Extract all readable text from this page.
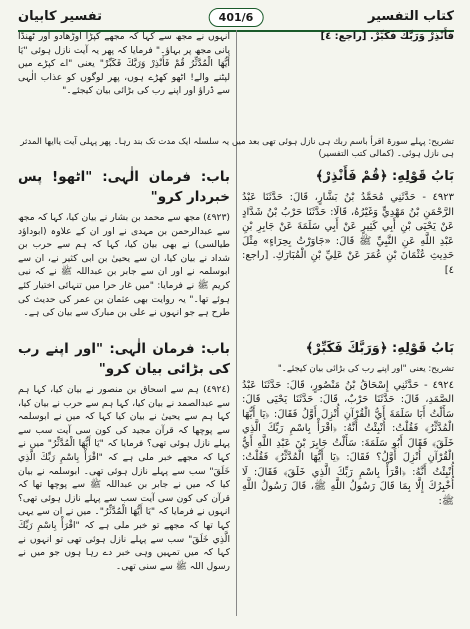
كتاب التفسير
401/6
تفسیر کابیان

فَأَنْذِرْ وَرَبَّكَ فَكَبِّرْ. [راجع: ٤]

انہوں نے مجھ سے کہا کہ مجھے کپڑا اوڑھادو اور ٹھنڈا پانی مجھ پر بہاؤ۔" فرمایا کہ پھر یہ آیت نازل ہوئی "يَا أَيُّهَا الْمُدَّثِّرُ قُمْ فَأَنْذِرْ وَرَبَّكَ فَكَبِّرْ" یعنی "اے کپڑے میں لپٹنے والے! اٹھو کھڑے ہوں، پھر لوگوں کو عذاب الٰہی سے ڈراؤ اور اپنے رب کی بڑائی بیان کیجئے۔"

تشریح: پہلے سورۃ اقرأ باسم ربك ہی نازل ہوئی تھی بعد میں یہ سلسلہ ایک مدت تک بند رہا۔ پھر پہلی آیت یاایھا المدثر ہی نازل ہوئی۔ (کمالی کتب التفسیر)
بَابُ قَوْلِهِ: ﴿قُمْ فَأَنْذِرْ﴾

٤٩٢٣ - حَدَّثَنِي مُحَمَّدُ بْنُ بَشَّارٍ، قَالَ: حَدَّثَنَا عَبْدُ الرَّحْمَنِ بْنُ مَهْدِيٍّ وَغَيْرُهُ، قَالَا: حَدَّثَنَا حَرْبُ بْنُ شَدَّادٍ عَنْ يَحْيَى بْنِ أَبِي كَثِيرٍ عَنْ أَبِي سَلَمَةَ عَنْ جَابِرِ بْنِ عَبْدِ اللَّهِ عَنِ النَّبِيِّ ﷺ قَالَ: «جَاوَرْتُ بِحِرَاءٍ» مِثْلَ حَدِيثِ عُثْمَانَ بْنِ عُمَرَ عَنْ عَلِيِّ بْنِ الْمُبَارَكِ. [راجع: ٤]

باب: فرمان الٰہی: "اٹھو! پس خبردار کرو"

(٤٩٢٣) مجھ سے محمد بن بشار نے بیان کیا، کہا کہ مجھ سے عبدالرحمن بن مہدی نے اور ان کے علاوہ (ابوداؤد طیالسی) نے بھی بیان کیا، کہا کہ ہم سے حرب بن شداد نے بیان کیا، ان سے یحییٰ بن ابی کثیر نے، ان سے ابوسلمہ نے اور ان سے جابر بن عبداللہ ﷺ نے کہ نبی کریم ﷺ نے فرمایا: "میں غار حرا میں تنہائی اختیار کئے ہوئے تھا۔" یہ روایت بھی عثمان بن عمر کی حدیث کی طرح ہے جو انہوں نے علی بن مبارک سے بیان کی ہے۔

بَابُ قَوْلِهِ: ﴿وَرَبَّكَ فَكَبِّرْ﴾

تشریح: یعنی "اور اپنے رب کی بڑائی بیان کیجئے۔"

٤٩٢٤ - حَدَّثَنِي إِسْحَاقُ بْنُ مَنْصُورٍ، قَالَ: حَدَّثَنَا عَبْدُ الصَّمَدِ، قَالَ: حَدَّثَنَا حَرْبٌ، قَالَ: حَدَّثَنَا يَحْيَى قَالَ: سَأَلْتُ أَبَا سَلَمَةَ أَيُّ الْقُرْآنِ أُنْزِلَ أَوَّلُ فَقَالَ: ﴿يَا أَيُّهَا الْمُدَّثِّرُ﴾ فَقُلْتُ: أُنْبِئْتُ أَنَّهُ: ﴿اقْرَأْ بِاسْمِ رَبِّكَ الَّذِي خَلَقَ﴾ فَقَالَ أَبُو سَلَمَةَ: سَأَلْتُ جَابِرَ بْنَ عَبْدِ اللَّهِ أَيُّ الْقُرْآنِ أُنْزِلَ أَوَّلُ؟ فَقَالَ: ﴿يَا أَيُّهَا الْمُدَّثِّرُ﴾ فَقُلْتُ: أُنْبِئْتُ أَنَّهُ: ﴿اقْرَأْ بِاسْمِ رَبِّكَ الَّذِي خَلَقَ﴾ فَقَالَ: لَا أُخْبِرُكَ إِلَّا بِمَا قَالَ رَسُولُ اللَّهِ ﷺ، قَالَ رَسُولُ اللَّهِ ﷺ:

باب: فرمان الٰہی: "اور اپنے رب کی بڑائی بیان کرو"

(٤٩٢٤) ہم سے اسحاق بن منصور نے بیان کیا، کہا ہم سے عبدالصمد نے بیان کیا، کہا ہم سے حرب نے بیان کیا، کہا ہم سے یحییٰ نے بیان کیا کہا کہ میں نے ابوسلمہ سے پوچھا کہ قرآن مجید کی کون سی آیت سب سے پہلے نازل ہوئی تھی؟ فرمایا کہ "يَا أَيُّهَا الْمُدَّثِّرُ" میں نے کہا کہ مجھے خبر ملی ہے کہ "اقْرَأْ بِاسْمِ رَبِّكَ الَّذِي خَلَقَ" سب سے پہلے نازل ہوئی تھی۔ ابوسلمہ نے بیان کیا کہ میں نے جابر بن عبداللہ ﷺ سے پوچھا تھا کہ قرآن کی کون سی آیت سب سے پہلے نازل ہوئی تھی؟ انہوں نے فرمایا کہ "يَا أَيُّهَا الْمُدَّثِّرُ"۔ میں نے ان سے یہی کہا تھا کہ مجھے تو خبر ملی ہے کہ "اقْرَأْ بِاسْمِ رَبِّكَ الَّذِي خَلَقَ" سب سے پہلے نازل ہوئی تھی تو انہوں نے کہا کہ میں تمہیں وہی خبر دے رہا ہوں جو میں نے رسول اللہ ﷺ سے سنی تھی۔
